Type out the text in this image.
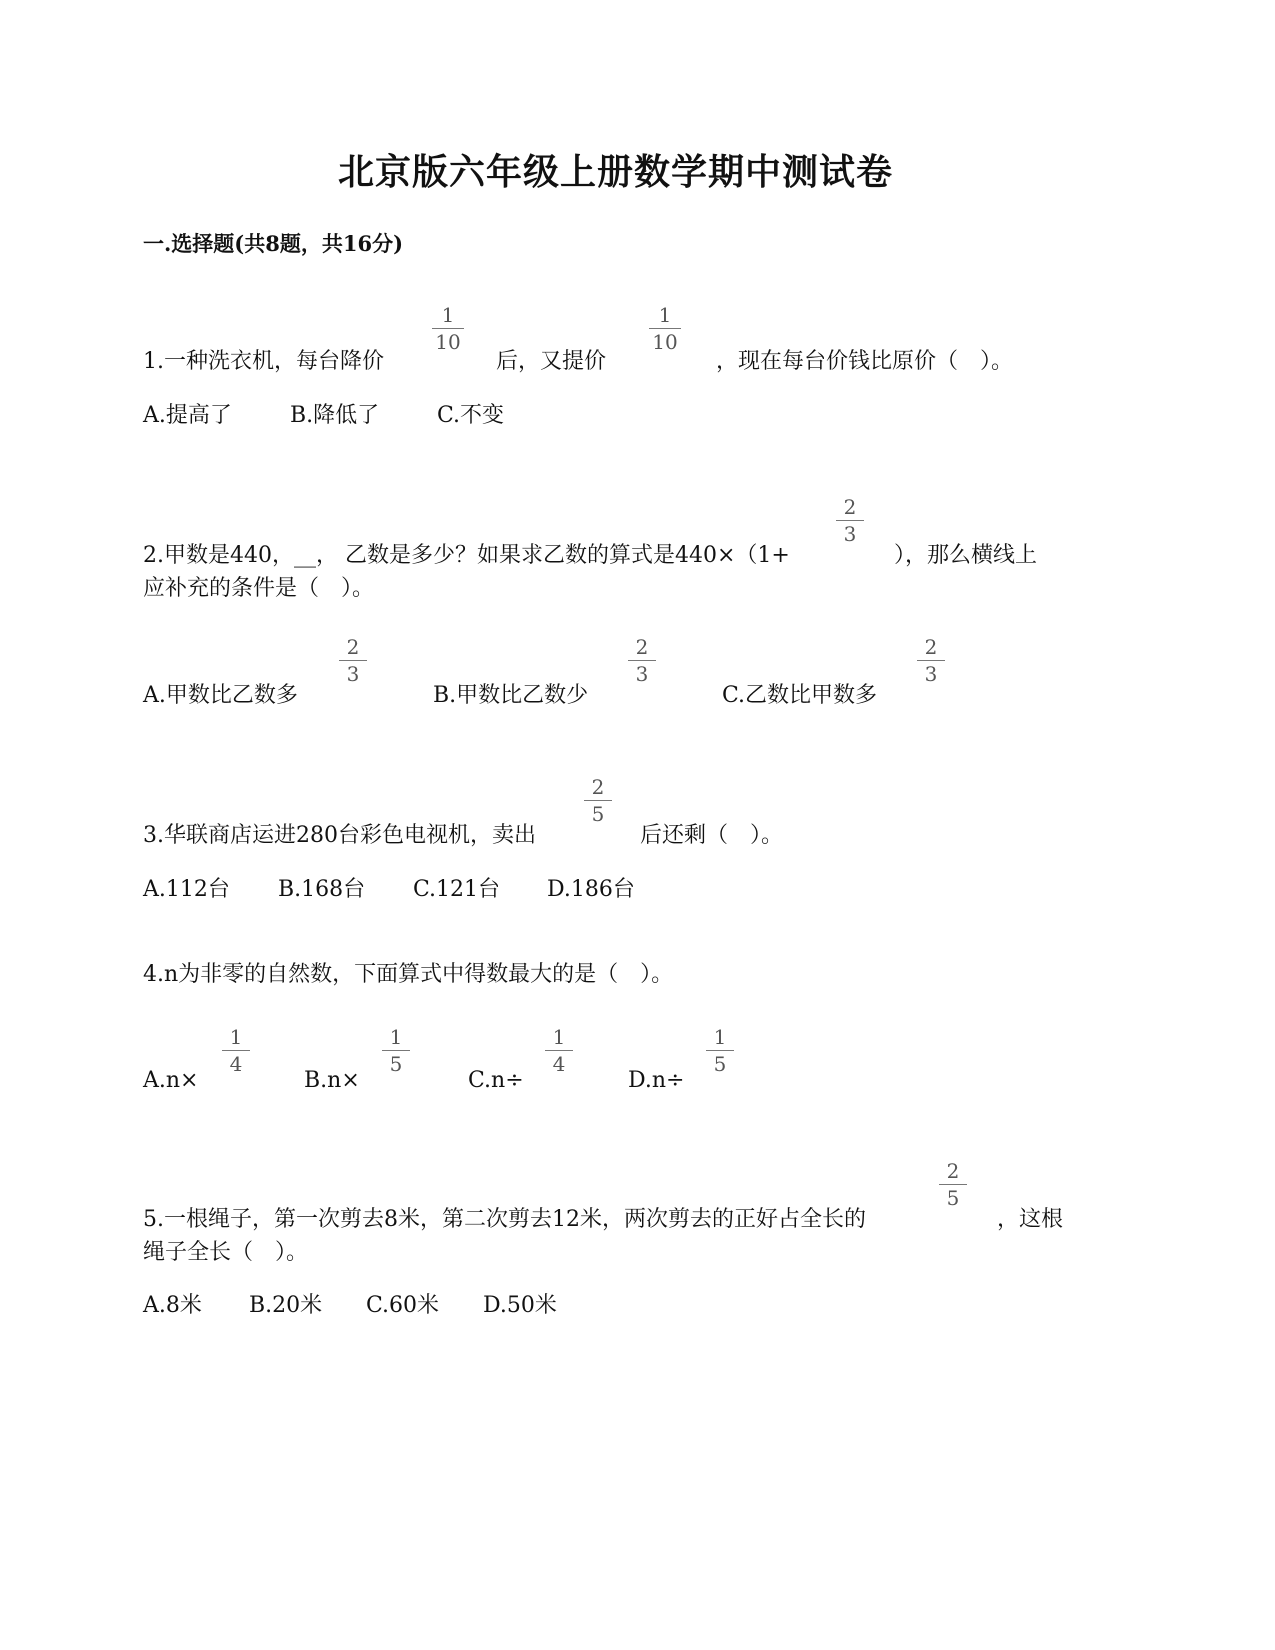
北京版六年级上册数学期中测试卷
一.选择题(共8题，共16分)
1.一种洗衣机，每台降价
1
10
后，又提价
1
10
，现在每台价钱比原价（　）。
A.提高了	B.降低了	C.不变
2.甲数是440，__， 乙数是多少？如果求乙数的算式是440×（1+
2
3
），那么横线上
应补充的条件是（　）。
A.甲数比乙数多
2
3
B.甲数比乙数少
2
3
C.乙数比甲数多
2
3
3.华联商店运进280台彩色电视机，卖出
2
5
后还剩（　）。
A.112台 B.168台 C.121台 D.186台
4.n为非零的自然数，下面算式中得数最大的是（　）。
A.n×
1
4
B.n×
1
5
C.n÷
1
4
D.n÷
1
5
5.一根绳子，第一次剪去8米，第二次剪去12米，两次剪去的正好占全长的
2
5
，这根
绳子全长（　）。
A.8米 B.20米 C.60米 D.50米
